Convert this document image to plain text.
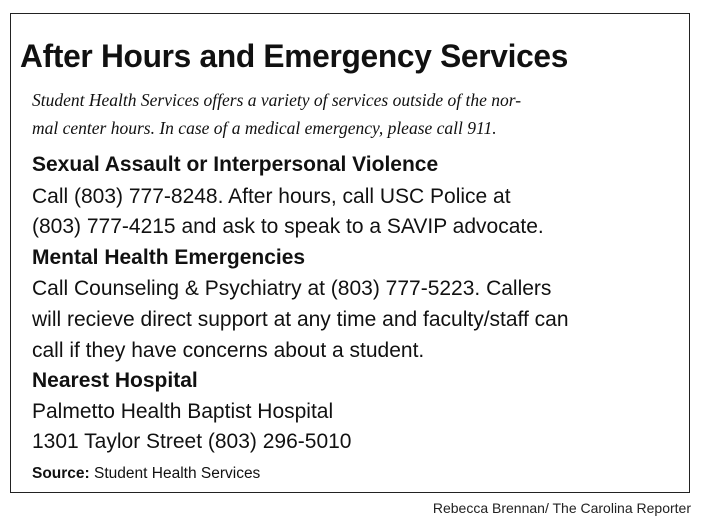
After Hours and Emergency Services
Student Health Services offers a variety of services outside of the nor-
mal center hours. In case of a medical emergency, please call 911.
Sexual Assault or Interpersonal Violence
Call (803) 777-8248. After hours, call USC Police at
(803) 777-4215 and ask to speak to a SAVIP advocate.
Mental Health Emergencies
Call Counseling & Psychiatry at (803) 777-5223. Callers
will recieve direct support at any time and faculty/staff can
call if they have concerns about a student.
Nearest Hospital
Palmetto Health Baptist Hospital
1301 Taylor Street (803) 296-5010
Source: Student Health Services
Rebecca Brennan/ The Carolina Reporter
